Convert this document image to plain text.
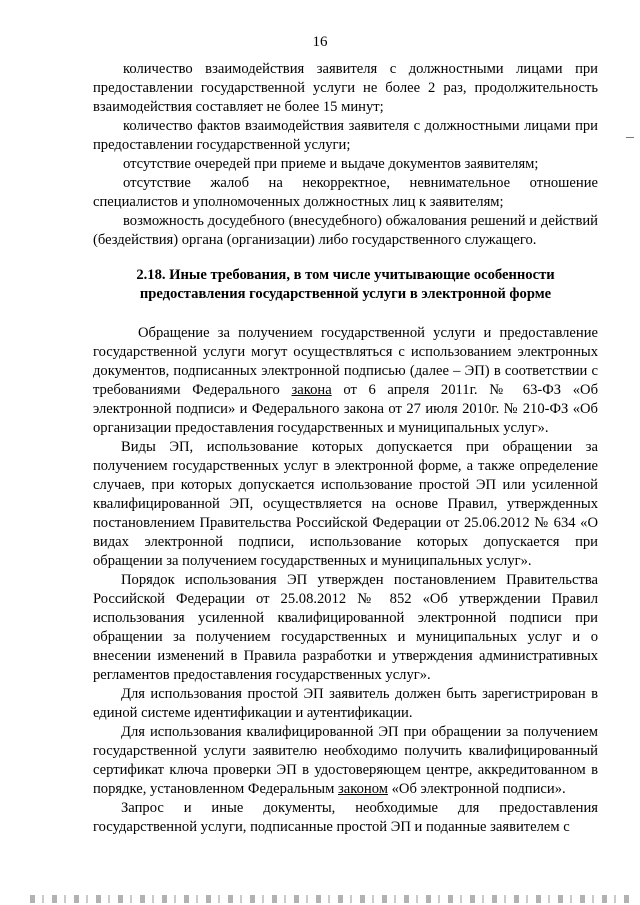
16

количество взаимодействия заявителя с должностными лицами при предоставлении государственной услуги не более 2 раз, продолжительность взаимодействия составляет не более 15 минут;

количество фактов взаимодействия заявителя с должностными лицами при предоставлении государственной услуги;

отсутствие очередей при приеме и выдаче документов заявителям;

отсутствие жалоб на некорректное, невнимательное отношение специалистов и уполномоченных должностных лиц к заявителям;

возможность досудебного (внесудебного) обжалования решений и действий (бездействия) органа (организации) либо государственного служащего.

2.18. Иные требования, в том числе учитывающие особенности предоставления государственной услуги в электронной форме

Обращение за получением государственной услуги и предоставление государственной услуги могут осуществляться с использованием электронных документов, подписанных электронной подписью (далее – ЭП) в соответствии с требованиями Федерального закона от 6 апреля 2011г. № 63-ФЗ «Об электронной подписи» и Федерального закона от 27 июля 2010г. № 210-ФЗ «Об организации предоставления государственных и муниципальных услуг».

Виды ЭП, использование которых допускается при обращении за получением государственных услуг в электронной форме, а также определение случаев, при которых допускается использование простой ЭП или усиленной квалифицированной ЭП, осуществляется на основе Правил, утвержденных постановлением Правительства Российской Федерации от 25.06.2012 № 634 «О видах электронной подписи, использование которых допускается при обращении за получением государственных и муниципальных услуг».

Порядок использования ЭП утвержден постановлением Правительства Российской Федерации от 25.08.2012 № 852 «Об утверждении Правил использования усиленной квалифицированной электронной подписи при обращении за получением государственных и муниципальных услуг и о внесении изменений в Правила разработки и утверждения административных регламентов предоставления государственных услуг».

Для использования простой ЭП заявитель должен быть зарегистрирован в единой системе идентификации и аутентификации.

Для использования квалифицированной ЭП при обращении за получением государственной услуги заявителю необходимо получить квалифицированный сертификат ключа проверки ЭП в удостоверяющем центре, аккредитованном в порядке, установленном Федеральным законом «Об электронной подписи».

Запрос и иные документы, необходимые для предоставления государственной услуги, подписанные простой ЭП и поданные заявителем с
